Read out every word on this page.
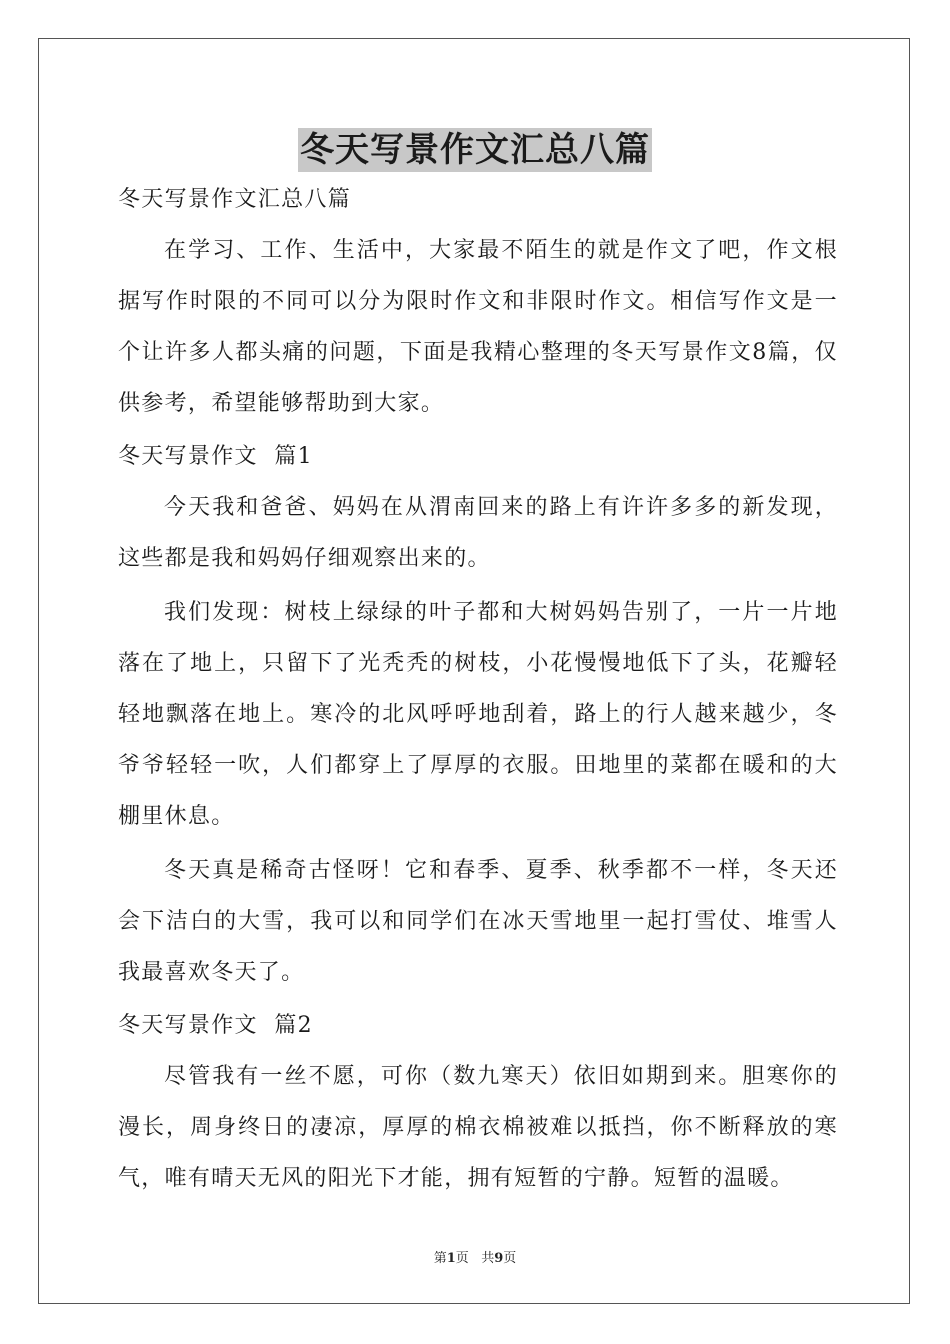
冬天写景作文汇总八篇

冬天写景作文汇总八篇

在学习、工作、生活中，大家最不陌生的就是作文了吧，作文根据写作时限的不同可以分为限时作文和非限时作文。相信写作文是一个让许多人都头痛的问题，下面是我精心整理的冬天写景作文8篇，仅供参考，希望能够帮助到大家。

冬天写景作文  篇1

今天我和爸爸、妈妈在从渭南回来的路上有许许多多的新发现，这些都是我和妈妈仔细观察出来的。

我们发现：树枝上绿绿的叶子都和大树妈妈告别了，一片一片地落在了地上，只留下了光秃秃的树枝，小花慢慢地低下了头，花瓣轻轻地飘落在地上。寒冷的北风呼呼地刮着，路上的行人越来越少，冬爷爷轻轻一吹，人们都穿上了厚厚的衣服。田地里的菜都在暖和的大棚里休息。

冬天真是稀奇古怪呀！它和春季、夏季、秋季都不一样，冬天还会下洁白的大雪，我可以和同学们在冰天雪地里一起打雪仗、堆雪人我最喜欢冬天了。

冬天写景作文  篇2

尽管我有一丝不愿，可你（数九寒天）依旧如期到来。胆寒你的漫长，周身终日的凄凉，厚厚的棉衣棉被难以抵挡，你不断释放的寒气，唯有晴天无风的阳光下才能，拥有短暂的宁静。短暂的温暖。

第1页 共9页
